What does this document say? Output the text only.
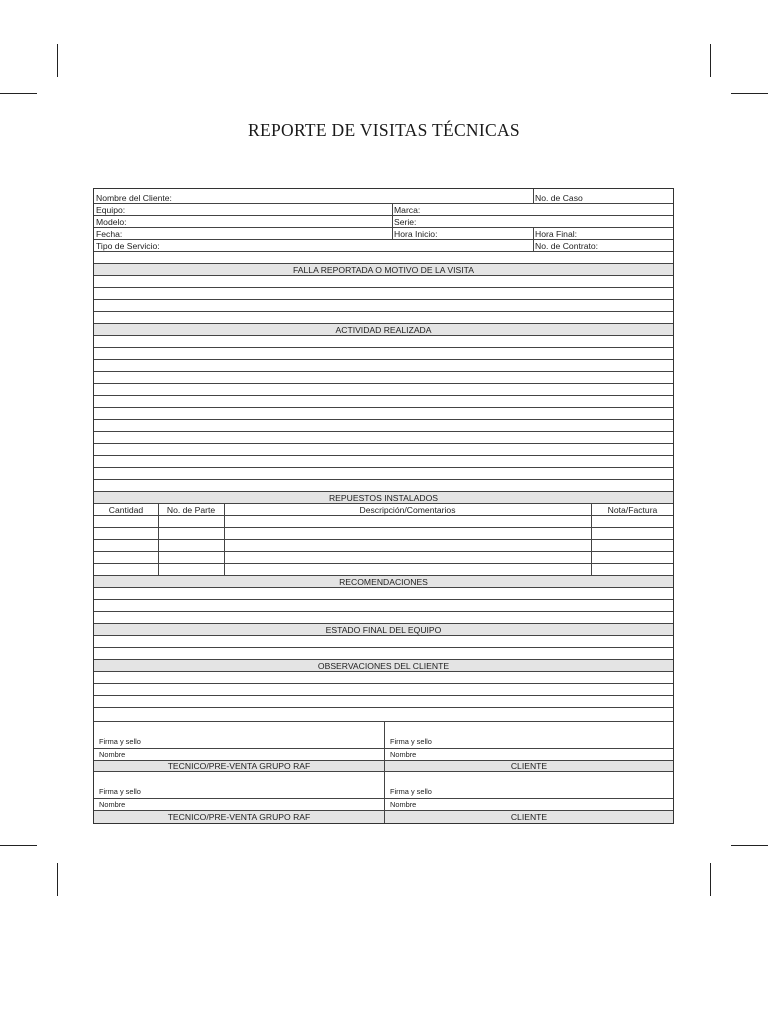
REPORTE DE VISITAS TÉCNICAS
Nombre del Cliente:	No. de Caso
Equipo:	Marca:
Modelo:	Serie:
Fecha:	Hora Inicio:	Hora Final:
Tipo de Servicio:	No. de Contrato:
FALLA REPORTADA O MOTIVO DE LA VISITA
ACTIVIDAD REALIZADA
REPUESTOS INSTALADOS
Cantidad	No. de Parte	Descripción/Comentarios	Nota/Factura
RECOMENDACIONES
ESTADO FINAL DEL EQUIPO
OBSERVACIONES DEL CLIENTE
Firma y sello	Firma y sello
Nombre	Nombre
TECNICO/PRE-VENTA GRUPO RAF	CLIENTE
Firma y sello	Firma y sello
Nombre	Nombre
TECNICO/PRE-VENTA GRUPO RAF	CLIENTE
